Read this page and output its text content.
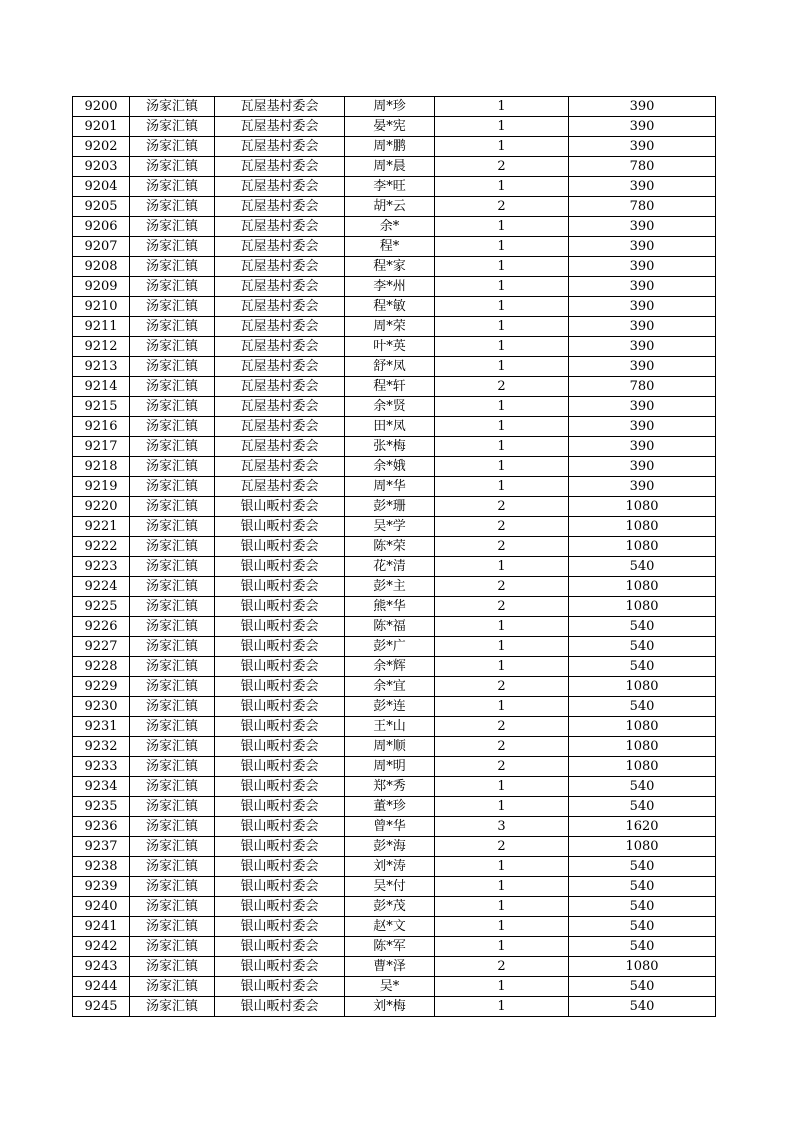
9200	汤家汇镇	瓦屋基村委会	周*珍	1	390
9201	汤家汇镇	瓦屋基村委会	晏*宪	1	390
9202	汤家汇镇	瓦屋基村委会	周*鹏	1	390
9203	汤家汇镇	瓦屋基村委会	周*晨	2	780
9204	汤家汇镇	瓦屋基村委会	李*旺	1	390
9205	汤家汇镇	瓦屋基村委会	胡*云	2	780
9206	汤家汇镇	瓦屋基村委会	余*	1	390
9207	汤家汇镇	瓦屋基村委会	程*	1	390
9208	汤家汇镇	瓦屋基村委会	程*家	1	390
9209	汤家汇镇	瓦屋基村委会	李*州	1	390
9210	汤家汇镇	瓦屋基村委会	程*敏	1	390
9211	汤家汇镇	瓦屋基村委会	周*荣	1	390
9212	汤家汇镇	瓦屋基村委会	叶*英	1	390
9213	汤家汇镇	瓦屋基村委会	舒*凤	1	390
9214	汤家汇镇	瓦屋基村委会	程*轩	2	780
9215	汤家汇镇	瓦屋基村委会	余*贤	1	390
9216	汤家汇镇	瓦屋基村委会	田*凤	1	390
9217	汤家汇镇	瓦屋基村委会	张*梅	1	390
9218	汤家汇镇	瓦屋基村委会	余*娥	1	390
9219	汤家汇镇	瓦屋基村委会	周*华	1	390
9220	汤家汇镇	银山畈村委会	彭*珊	2	1080
9221	汤家汇镇	银山畈村委会	吴*学	2	1080
9222	汤家汇镇	银山畈村委会	陈*荣	2	1080
9223	汤家汇镇	银山畈村委会	花*清	1	540
9224	汤家汇镇	银山畈村委会	彭*主	2	1080
9225	汤家汇镇	银山畈村委会	熊*华	2	1080
9226	汤家汇镇	银山畈村委会	陈*福	1	540
9227	汤家汇镇	银山畈村委会	彭*广	1	540
9228	汤家汇镇	银山畈村委会	余*辉	1	540
9229	汤家汇镇	银山畈村委会	余*宜	2	1080
9230	汤家汇镇	银山畈村委会	彭*连	1	540
9231	汤家汇镇	银山畈村委会	王*山	2	1080
9232	汤家汇镇	银山畈村委会	周*顺	2	1080
9233	汤家汇镇	银山畈村委会	周*明	2	1080
9234	汤家汇镇	银山畈村委会	郑*秀	1	540
9235	汤家汇镇	银山畈村委会	董*珍	1	540
9236	汤家汇镇	银山畈村委会	曾*华	3	1620
9237	汤家汇镇	银山畈村委会	彭*海	2	1080
9238	汤家汇镇	银山畈村委会	刘*涛	1	540
9239	汤家汇镇	银山畈村委会	吴*付	1	540
9240	汤家汇镇	银山畈村委会	彭*茂	1	540
9241	汤家汇镇	银山畈村委会	赵*文	1	540
9242	汤家汇镇	银山畈村委会	陈*军	1	540
9243	汤家汇镇	银山畈村委会	曹*泽	2	1080
9244	汤家汇镇	银山畈村委会	吴*	1	540
9245	汤家汇镇	银山畈村委会	刘*梅	1	540
